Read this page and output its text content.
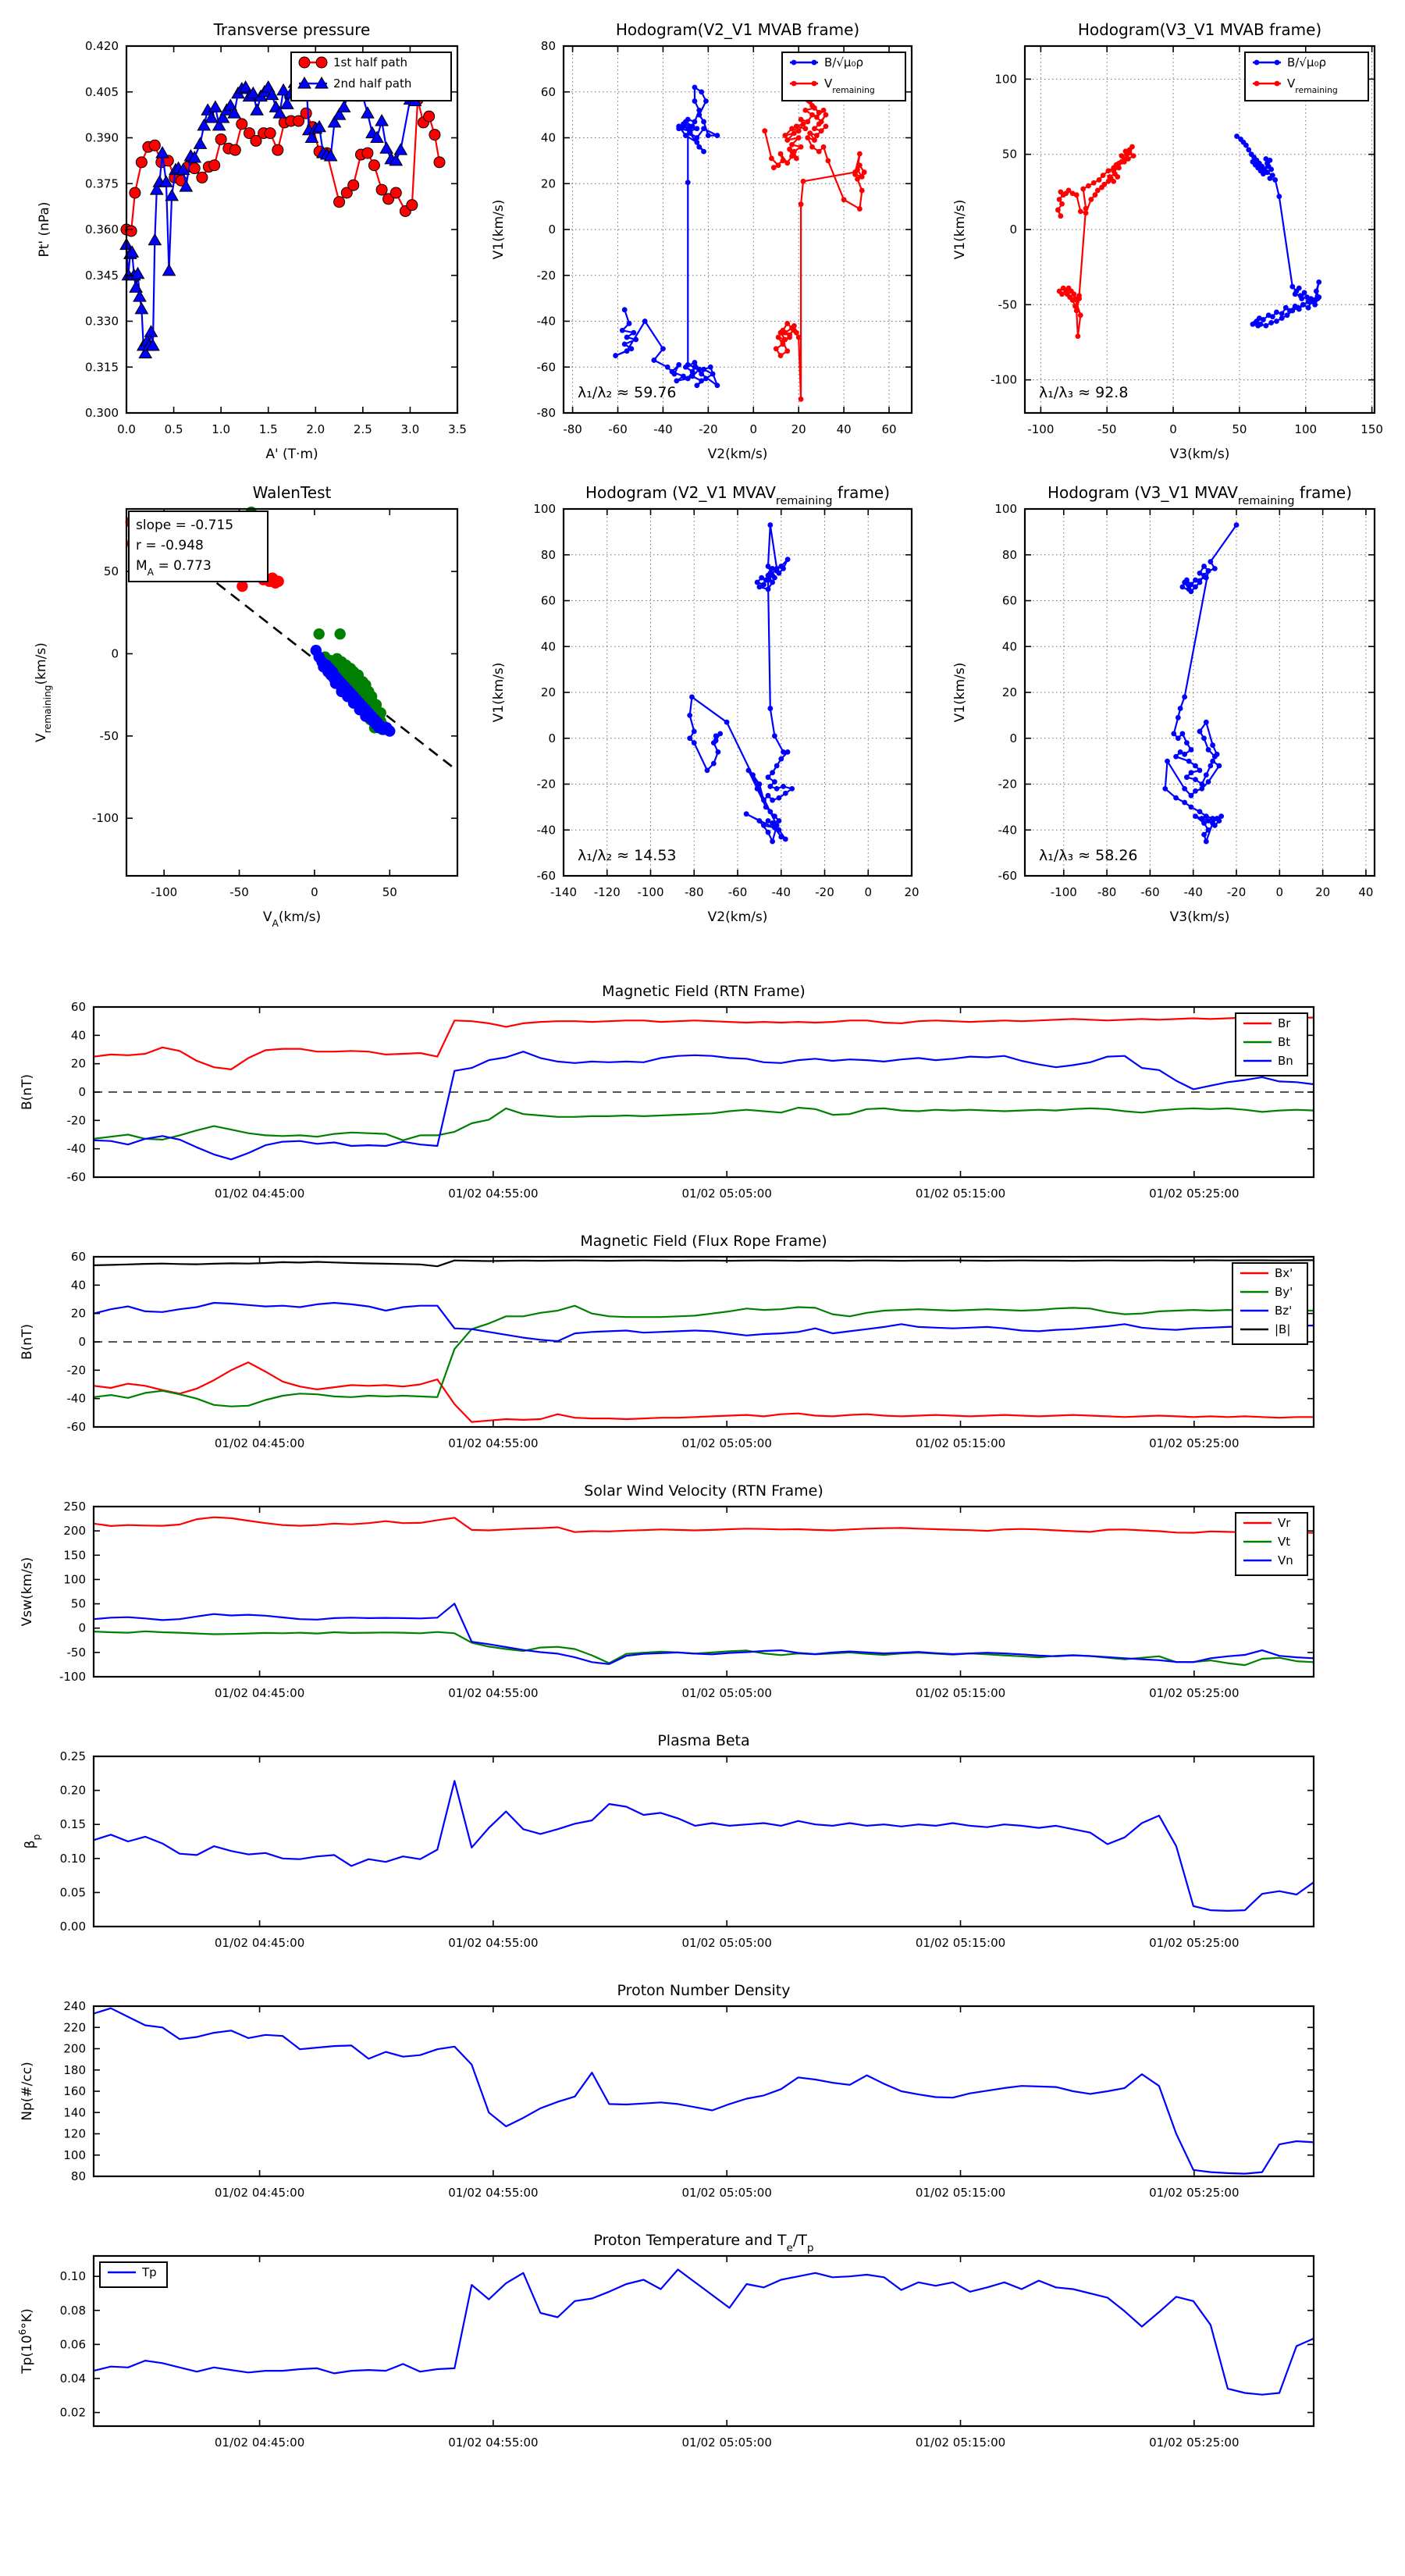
Transverse pressure
0.0 0.5 1.0 1.5 2.0 2.5 3.0 3.5
0.300
0.315
0.330
0.345
0.360
0.375
0.390
0.405
0.420
A' (T·m)
Pt' (nPa)
1st half path
2nd half path
Hodogram(V2_V1 MVAB frame)
-80 -60 -40 -20	0	20	40	60
-80
-60
-40
-20
0
20
40
60
80
V2(km/s)
V1(km/s)
λ₁/λ₂ ≈ 59.76
B/√μ₀ρ
$V_{remaining}$
Hodogram(V3_V1 MVAB frame)
-100	-50	0	50	100	150
-100
-50
0
50
100
V3(km/s)
V1(km/s)
λ₁/λ₃ ≈ 92.8
B/√μ₀ρ
$V_{remaining}$
WalenTest
-100	-50	0	50
-100
-50
0
50
$V_A(km/s)$
$V_{remaining}(km/s)$
slope = -0.715
r = -0.948
$M_A = 0.773$
Hodogram (V2_V1 $MVAV_{remaining}$ frame)
-140 -120 -100 -80 -60 -40 -20	0	20
-60
-40
-20
0
20
40
60
80
100
V2(km/s)
V1(km/s)
λ₁/λ₂ ≈ 14.53
Hodogram (V3_V1 $MVAV_{remaining}$ frame)
-100 -80 -60 -40 -20	0	20 40
-60
-40
-20
0
20
40
60
80
100
V3(km/s)
V1(km/s)
λ₁/λ₃ ≈ 58.26
Magnetic Field (RTN Frame)
01/02 04:45:00	01/02 04:55:00	01/02 05:05:00	01/02 05:15:00	01/02 05:25:00
-60
-40
-20
0
20
40
60
B(nT)
Br
Bt
Bn
Magnetic Field (Flux Rope Frame)
01/02 04:45:00	01/02 04:55:00	01/02 05:05:00	01/02 05:15:00	01/02 05:25:00
-60
-40
-20
0
20
40
60
B(nT)
Bx'
By'
Bz'
|B|
Solar Wind Velocity (RTN Frame)
01/02 04:45:00	01/02 04:55:00	01/02 05:05:00	01/02 05:15:00	01/02 05:25:00
-100
-50
0
50
100
150
200
250
Vsw(km/s)
Vr
Vt
Vn
Plasma Beta
01/02 04:45:00	01/02 04:55:00	01/02 05:05:00	01/02 05:15:00	01/02 05:25:00
0.00
0.05
0.10
0.15
0.20
0.25
$\beta_p$
Proton Number Density
01/02 04:45:00	01/02 04:55:00	01/02 05:05:00	01/02 05:15:00	01/02 05:25:00
80
100
120
140
160
180
200
220
240
Np(#/cc)
Proton Temperature and $T_e/T_p$
01/02 04:45:00	01/02 04:55:00	01/02 05:05:00	01/02 05:15:00	01/02 05:25:00
0.02
0.04
0.06
0.08
0.10
$Tp(10^6^\circ K)$
Tp
